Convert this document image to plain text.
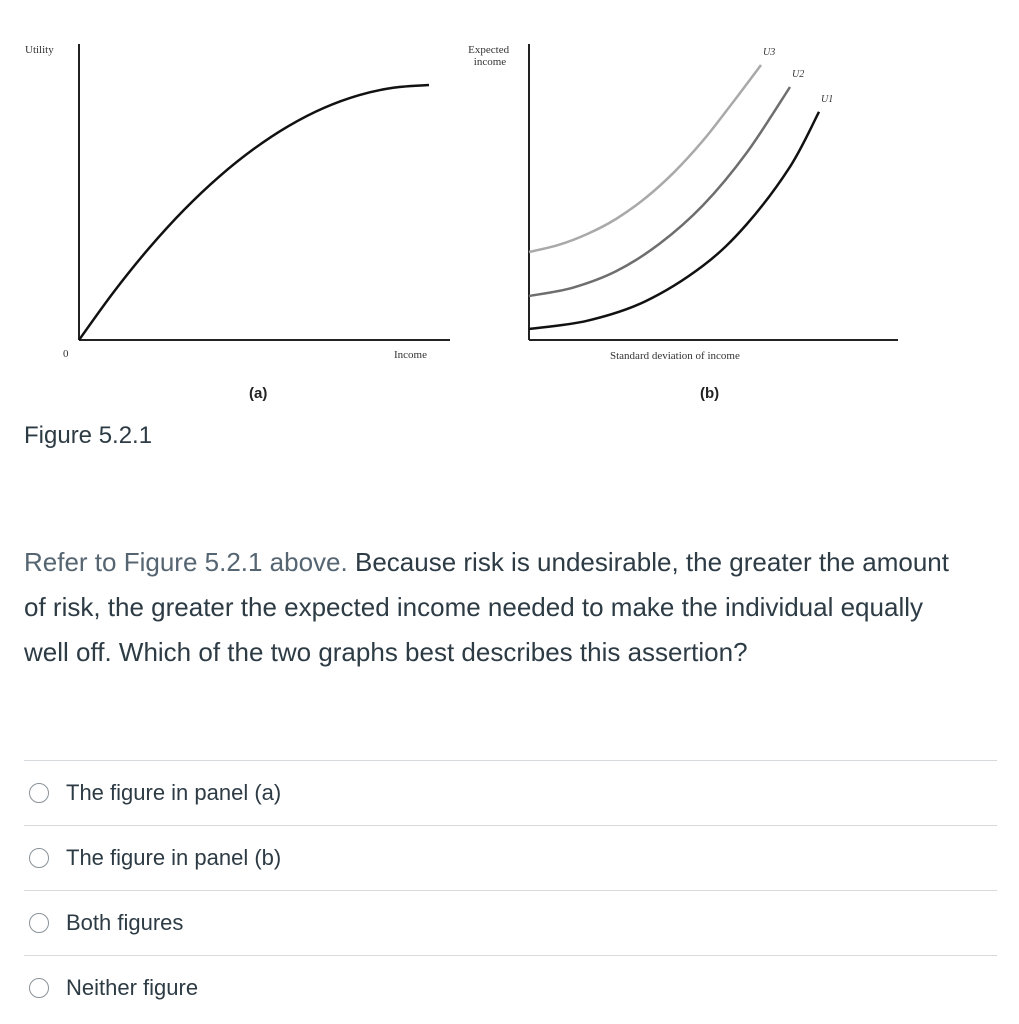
Utility
0	Income
(a)
Expected income
Standard deviation of income
(b)
U3
U2
U1

Figure 5.2.1

Refer to Figure 5.2.1 above. Because risk is undesirable, the greater the amount of risk, the greater the expected income needed to make the individual equally well off. Which of the two graphs best describes this assertion?

The figure in panel (a)
The figure in panel (b)
Both figures
Neither figure
